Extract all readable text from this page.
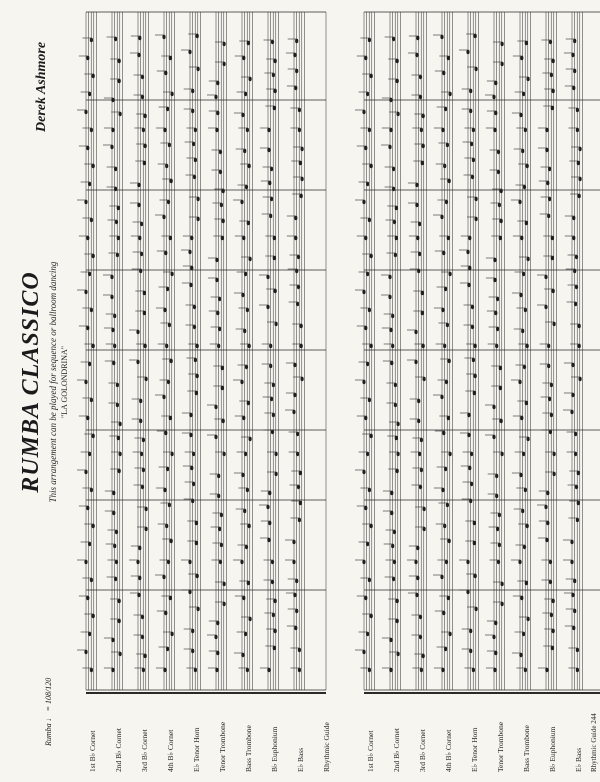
RUMBA CLASSICO This arrangement can be played for sequence or ballroom dancing "LA GOLONDRINA"
Derek Ashmore
Rumba ♩ = 108/120
1st B♭ Cornet 2nd B♭ Cornet 3rd B♭ Cornet 4th B♭ Cornet E♭ Tenor Horn Tenor Trombone Bass Trombone B♭ Euphonium E♭ Bass Rhythmic Guide	1st B♭ Cornet 2nd B♭ Cornet 3rd B♭ Cornet 4th B♭ Cornet E♭ Tenor Horn Tenor Trombone Bass Trombone B♭ Euphonium E♭ Bass Rhythmic Guide 244
